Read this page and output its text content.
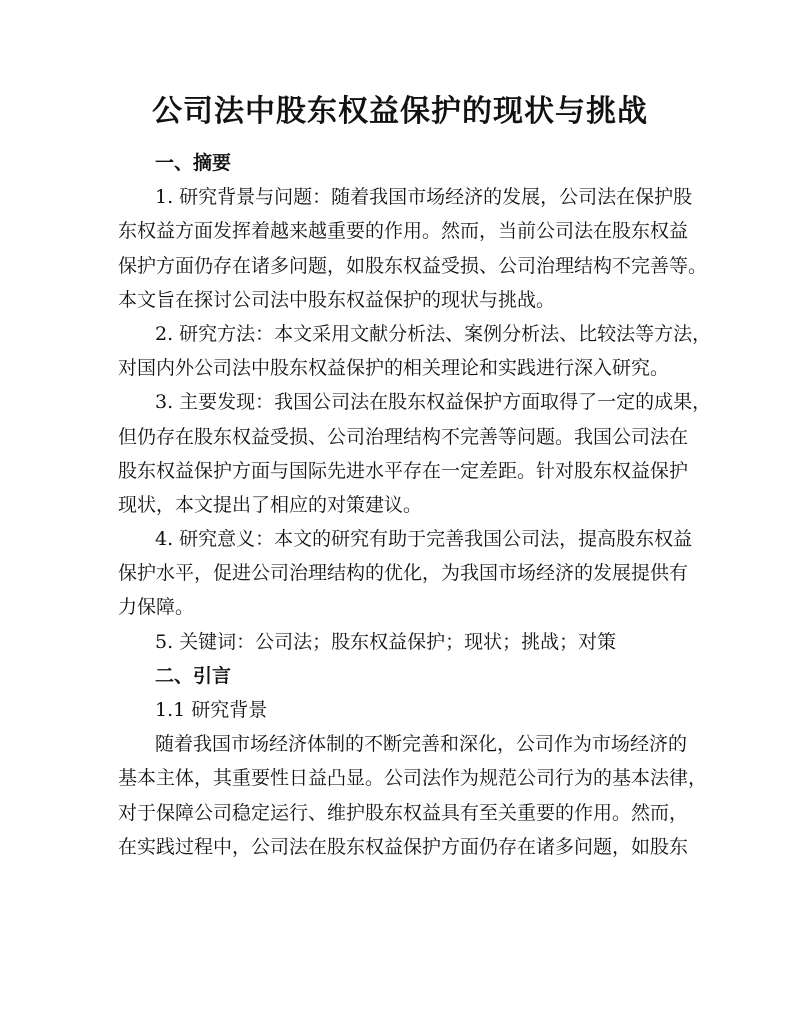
公司法中股东权益保护的现状与挑战
一、摘要
1. 研究背景与问题：随着我国市场经济的发展，公司法在保护股
东权益方面发挥着越来越重要的作用。然而，当前公司法在股东权益
保护方面仍存在诸多问题，如股东权益受损、公司治理结构不完善等。
本文旨在探讨公司法中股东权益保护的现状与挑战。
2. 研究方法：本文采用文献分析法、案例分析法、比较法等方法，
对国内外公司法中股东权益保护的相关理论和实践进行深入研究。
3. 主要发现：我国公司法在股东权益保护方面取得了一定的成果，
但仍存在股东权益受损、公司治理结构不完善等问题。我国公司法在
股东权益保护方面与国际先进水平存在一定差距。针对股东权益保护
现状，本文提出了相应的对策建议。
4. 研究意义：本文的研究有助于完善我国公司法，提高股东权益
保护水平，促进公司治理结构的优化，为我国市场经济的发展提供有
力保障。
5. 关键词：公司法；股东权益保护；现状；挑战；对策
二、引言
1.1 研究背景
随着我国市场经济体制的不断完善和深化，公司作为市场经济的
基本主体，其重要性日益凸显。公司法作为规范公司行为的基本法律，
对于保障公司稳定运行、维护股东权益具有至关重要的作用。然而，
在实践过程中，公司法在股东权益保护方面仍存在诸多问题，如股东
